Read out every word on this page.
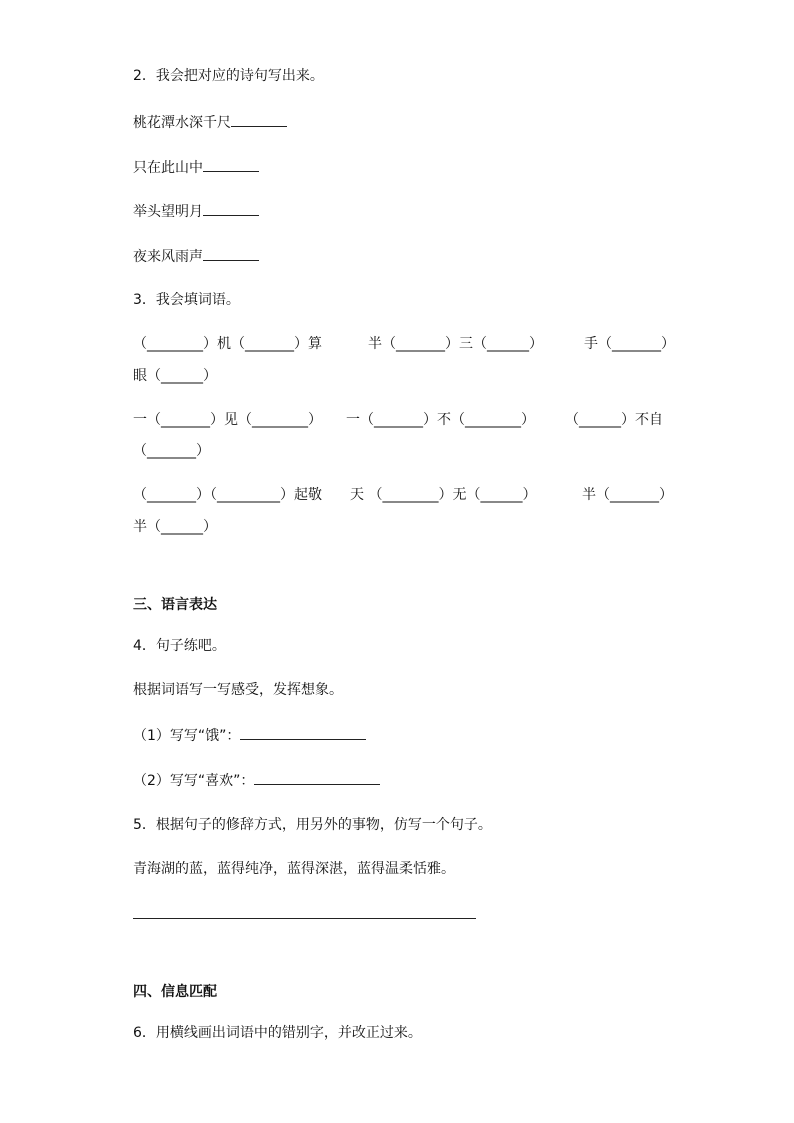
2．我会把对应的诗句写出来。
桃花潭水深千尺
只在此山中
举头望明月
夜来风雨声
3．我会填词语。
（________）机（_______）算	半（_______）三（______）	手（_______）
眼（______）
一（_______）见（________） 一（_______）不（________） （______）不自
（_______）
（_______）（_________）起敬 天 （________）无（______）	半（_______）
半（______）
三、语言表达
4．句子练吧。
根据词语写一写感受，发挥想象。
（1）写写“饿”：
（2）写写“喜欢”：
5．根据句子的修辞方式，用另外的事物，仿写一个句子。
青海湖的蓝，蓝得纯净，蓝得深湛，蓝得温柔恬雅。
四、信息匹配
6．用横线画出词语中的错别字，并改正过来。
